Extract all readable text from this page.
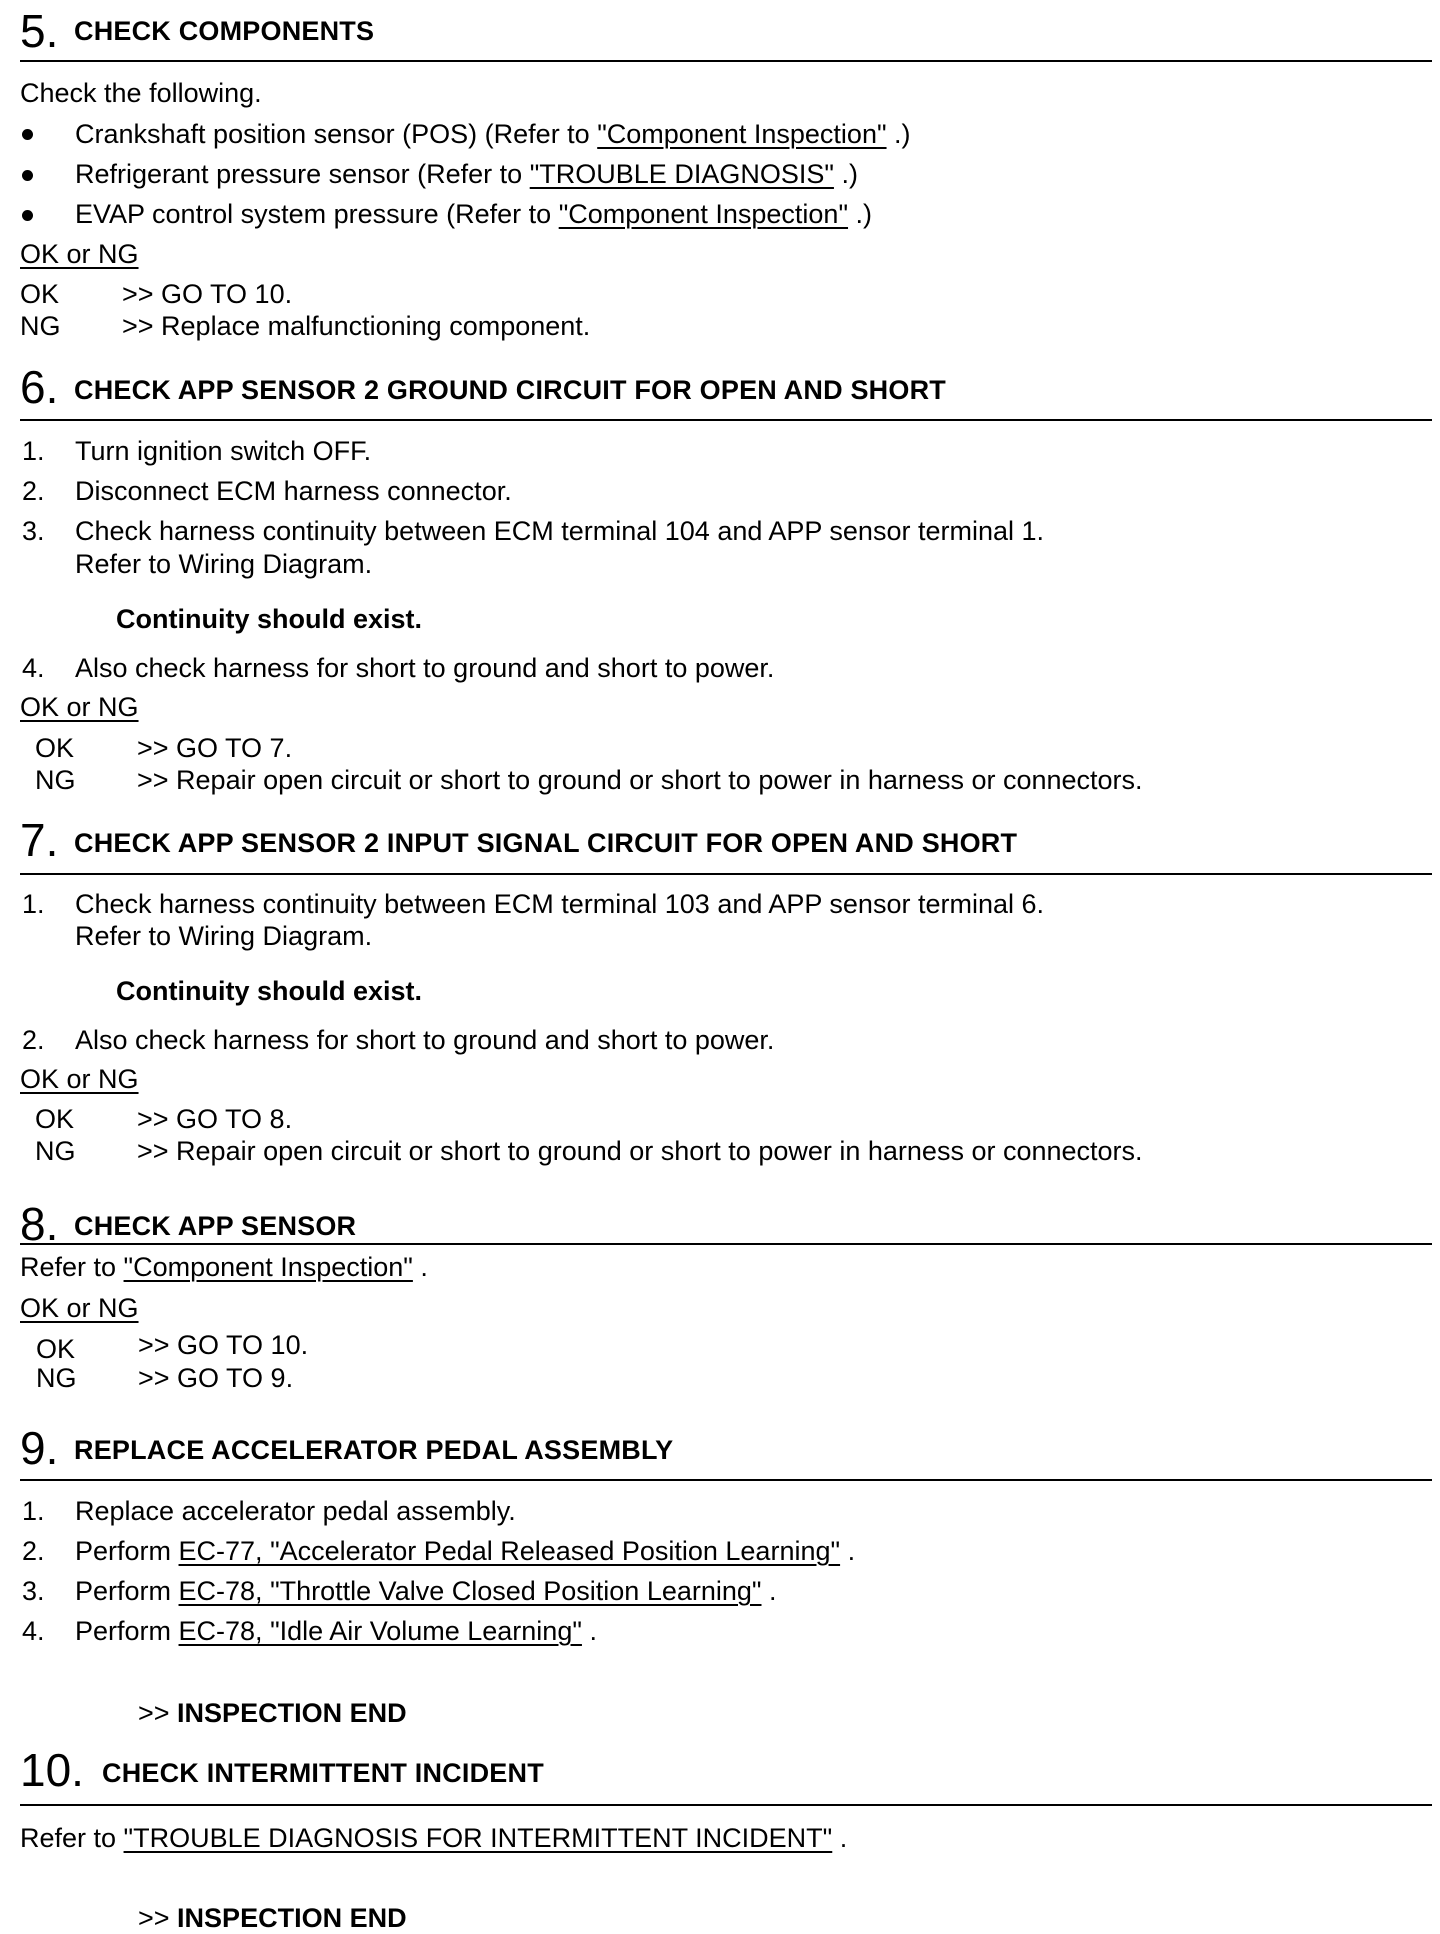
5. CHECK COMPONENTS
Check the following.
Crankshaft position sensor (POS) (Refer to "Component Inspection" .)
Refrigerant pressure sensor (Refer to "TROUBLE DIAGNOSIS" .)
EVAP control system pressure (Refer to "Component Inspection" .)
OK or NG
OK >> GO TO 10.
NG >> Replace malfunctioning component.
6. CHECK APP SENSOR 2 GROUND CIRCUIT FOR OPEN AND SHORT
1. Turn ignition switch OFF.
2. Disconnect ECM harness connector.
3. Check harness continuity between ECM terminal 104 and APP sensor terminal 1.
Refer to Wiring Diagram.
Continuity should exist.
4. Also check harness for short to ground and short to power.
OK or NG
OK >> GO TO 7.
NG >> Repair open circuit or short to ground or short to power in harness or connectors.
7. CHECK APP SENSOR 2 INPUT SIGNAL CIRCUIT FOR OPEN AND SHORT
1. Check harness continuity between ECM terminal 103 and APP sensor terminal 6.
Refer to Wiring Diagram.
Continuity should exist.
2. Also check harness for short to ground and short to power.
OK or NG
OK >> GO TO 8.
NG >> Repair open circuit or short to ground or short to power in harness or connectors.
8. CHECK APP SENSOR
Refer to "Component Inspection" .
OK or NG
OK >> GO TO 10.
NG >> GO TO 9.
9. REPLACE ACCELERATOR PEDAL ASSEMBLY
1. Replace accelerator pedal assembly.
2. Perform EC-77, "Accelerator Pedal Released Position Learning" .
3. Perform EC-78, "Throttle Valve Closed Position Learning" .
4. Perform EC-78, "Idle Air Volume Learning" .
>> INSPECTION END
10. CHECK INTERMITTENT INCIDENT
Refer to "TROUBLE DIAGNOSIS FOR INTERMITTENT INCIDENT" .
>> INSPECTION END
